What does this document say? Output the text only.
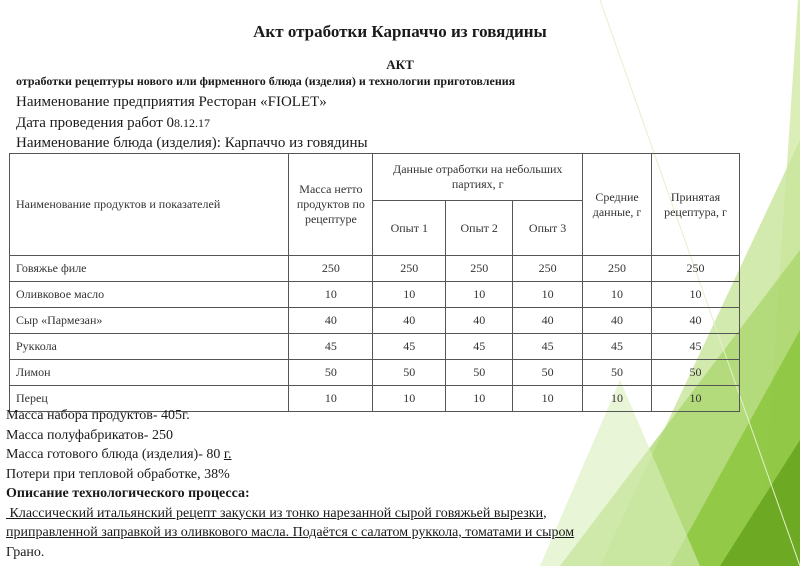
Акт отработки Карпаччо из говядины
АКТ
отработки рецептуры нового или фирменного блюда (изделия) и технологии приготовления
Наименование предприятия Ресторан «FIOLET»
Дата проведения работ 08.12.17
Наименование блюда (изделия): Карпаччо из говядины
Наименование продуктов и показателей	Масса нетто продуктов по рецептуре	Данные отработки на небольших партиях, г			Средние данные, г	Принятая рецептура, г
		Опыт 1	Опыт 2	Опыт 3		
Говяжье филе	250	250	250	250	250	250
Оливковое масло	10	10	10	10	10	10
Сыр «Пармезан»	40	40	40	40	40	40
Руккола	45	45	45	45	45	45
Лимон	50	50	50	50	50	50
Перец	10	10	10	10	10	10
Масса набора продуктов- 405г.
Масса полуфабрикатов- 250
Масса готового блюда (изделия)- 80 г.
Потери при тепловой обработке, 38%
Описание технологического процесса:
Классический итальянский рецепт закуски из тонко нарезанной сырой говяжьей вырезки,
приправленной заправкой из оливкового масла. Подаётся с салатом руккола, томатами и сыром
Грано.
